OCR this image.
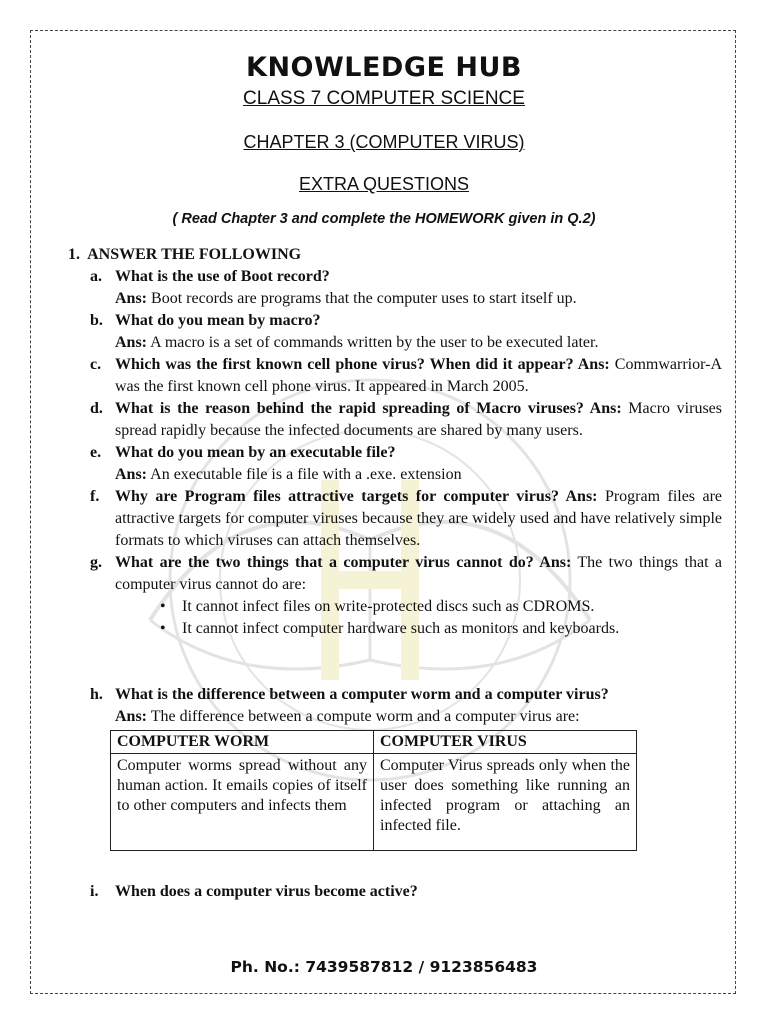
KNOWLEDGE HUB
CLASS 7 COMPUTER SCIENCE
CHAPTER 3 (COMPUTER VIRUS)
EXTRA QUESTIONS
( Read Chapter 3 and complete the HOMEWORK given in Q.2)
1. ANSWER THE FOLLOWING
a. What is the use of Boot record?
Ans: Boot records are programs that the computer uses to start itself up.
b. What do you mean by macro?
Ans: A macro is a set of commands written by the user to be executed later.
c. Which was the first known cell phone virus? When did it appear? Ans: Commwarrior-A was the first known cell phone virus. It appeared in March 2005.
d. What is the reason behind the rapid spreading of Macro viruses? Ans: Macro viruses spread rapidly because the infected documents are shared by many users.
e. What do you mean by an executable file?
Ans: An executable file is a file with a .exe. extension
f. Why are Program files attractive targets for computer virus? Ans: Program files are attractive targets for computer viruses because they are widely used and have relatively simple formats to which viruses can attach themselves.
g. What are the two things that a computer virus cannot do? Ans: The two things that a computer virus cannot do are:
• It cannot infect files on write-protected discs such as CDROMS.
• It cannot infect computer hardware such as monitors and keyboards.
h. What is the difference between a computer worm and a computer virus?
Ans: The difference between a compute worm and a computer virus are:
COMPUTER WORM	COMPUTER VIRUS
Computer worms spread without any human action. It emails copies of itself to other computers and infects them	Computer Virus spreads only when the user does something like running an infected program or attaching an infected file.
i.	When does a computer virus become active?
Ph. No.: 7439587812 / 9123856483
